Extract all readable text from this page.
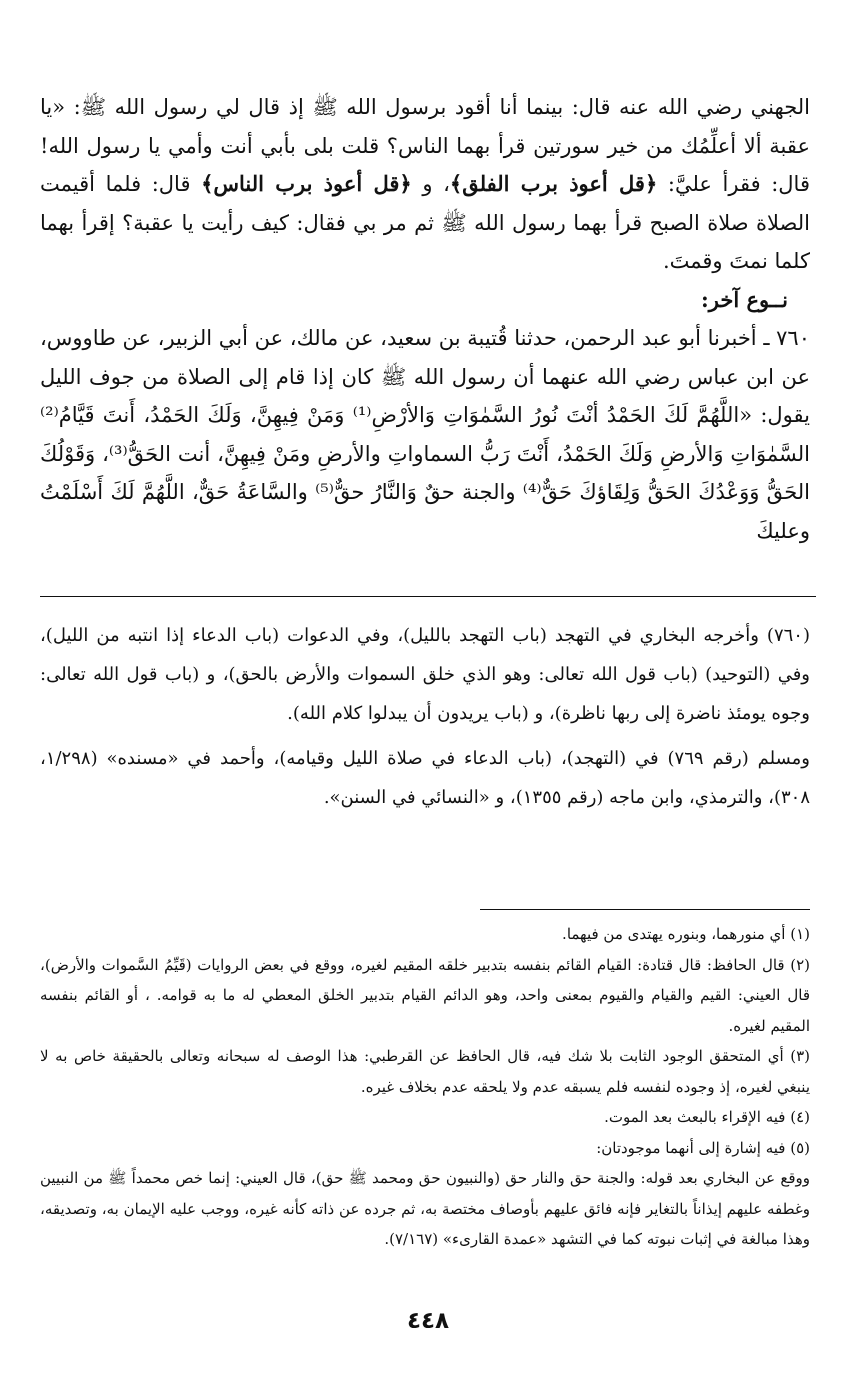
الجهني رضي الله عنه قال: بينما أنا أقود برسول الله ﷺ إذ قال لي رسول الله ﷺ: «يا عقبة ألا أعلِّمُك من خير سورتين قرأ بهما الناس؟ قلت بلى بأبي أنت وأمي يا رسول الله! قال: فقرأ عليَّ: ﴿قل أعوذ برب الفلق﴾، و ﴿قل أعوذ برب الناس﴾ قال: فلما أقيمت الصلاة صلاة الصبح قرأ بهما رسول الله ﷺ ثم مر بي فقال: كيف رأيت يا عقبة؟ إقرأ بهما كلما نمتَ وقمتَ.

نــوع آخر:

٧٦٠ ـ أخبرنا أبو عبد الرحمن، حدثنا قُتيبة بن سعيد، عن مالك، عن أبي الزبير، عن طاووس، عن ابن عباس رضي الله عنهما أن رسول الله ﷺ كان إذا قام إلى الصلاة من جوف الليل يقول: «اللَّهُمَّ لَكَ الحَمْدُ أنْتَ نُورُ السَّمٰوَاتِ وَالأرْضِ⁽¹⁾ وَمَنْ فِيهِنَّ، وَلَكَ الحَمْدُ، أَنتَ قَيَّامُ⁽²⁾ السَّمٰوَاتِ وَالأرضِ وَلَكَ الحَمْدُ، أَنْتَ رَبُّ السماواتِ والأرضِ ومَنْ فِيهِنَّ، أنت الحَقُّ⁽³⁾، وَقَوْلُكَ الحَقُّ وَوَعْدُكَ الحَقُّ وَلِقَاؤكَ حَقٌّ⁽⁴⁾ والجنة حقٌ وَالنَّارُ حقٌّ⁽⁵⁾ والسَّاعَةُ حَقٌّ، اللَّهُمَّ لَكَ أَسْلَمْتُ وعليكَ

(٧٦٠) وأخرجه البخاري في التهجد (باب التهجد بالليل)، وفي الدعوات (باب الدعاء إذا انتبه من الليل)، وفي (التوحيد) (باب قول الله تعالى: وهو الذي خلق السموات والأرض بالحق)، و (باب قول الله تعالى: وجوه يومئذ ناضرة إلى ربها ناظرة)، و (باب يريدون أن يبدلوا كلام الله).

ومسلم (رقم ٧٦٩) في (التهجد)، (باب الدعاء في صلاة الليل وقيامه)، وأحمد في «مسنده» (١/٢٩٨، ٣٠٨)، والترمذي، وابن ماجه (رقم ١٣٥٥)، و «النسائي في السنن».

(١) أي منورهما، وبنوره يهتدى من فيهما.

(٢) قال الحافظ: قال قتادة: القيام القائم بنفسه بتدبير خلقه المقيم لغيره، ووقع في بعض الروايات (قَيِّمُ السَّموات والأرض)، قال العيني: القيم والقيام والقيوم بمعنى واحد، وهو الدائم القيام بتدبير الخلق المعطي له ما به قوامه. ، أو القائم بنفسه المقيم لغيره.

(٣) أي المتحقق الوجود الثابت بلا شك فيه، قال الحافظ عن القرطبي: هذا الوصف له سبحانه وتعالى بالحقيقة خاص به لا ينبغي لغيره، إذ وجوده لنفسه فلم يسبقه عدم ولا يلحقه عدم بخلاف غيره.

(٤) فيه الإقراء بالبعث بعد الموت.

(٥) فيه إشارة إلى أنهما موجودتان:

ووقع عن البخاري بعد قوله: والجنة حق والنار حق (والنبيون حق ومحمد ﷺ حق)، قال العيني: إنما خص محمداً ﷺ من النبيين وغطفه عليهم إيذاناً بالتغاير فإنه فائق عليهم بأوصاف مختصة به، ثم جرده عن ذاته كأنه غيره، ووجب عليه الإيمان به، وتصديقه، وهذا مبالغة في إثبات نبوته كما في التشهد «عمدة القارىء» (٧/١٦٧).

٤٤٨
